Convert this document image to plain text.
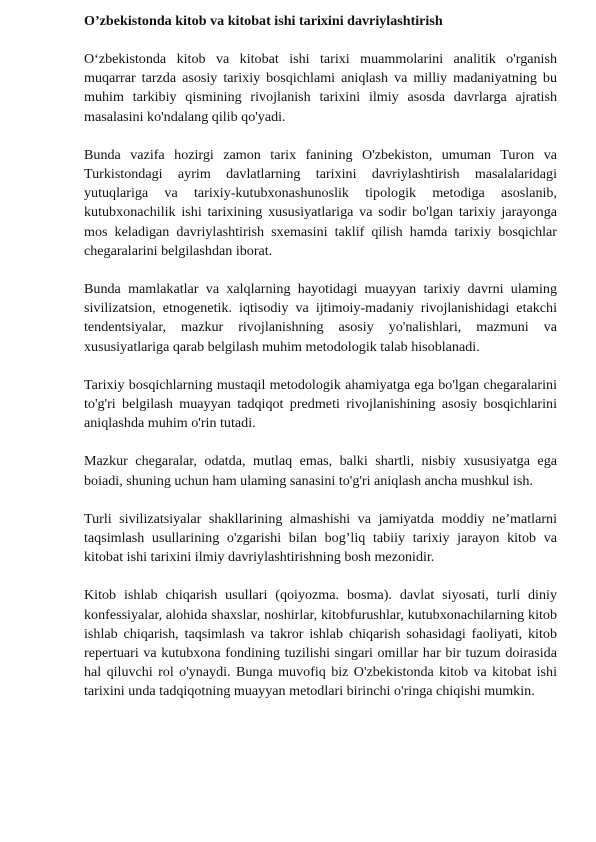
O’zbekistonda kitob va kitobat ishi tarixini davriylashtirish

O‘zbekistonda kitob va kitobat ishi tarixi muammolarini analitik o'rganish muqarrar tarzda asosiy tarixiy bosqichlami aniqlash va milliy madaniyatning bu muhim tarkibiy qismining rivojlanish tarixini ilmiy asosda davrlarga ajratish masalasini ko'ndalang qilib qo'yadi.

Bunda vazifa hozirgi zamon tarix fanining O'zbekiston, umuman Turon va Turkistondagi ayrim davlatlarning tarixini davriylashtirish masalalaridagi yutuqlariga va tarixiy-kutubxonashunoslik tipologik metodiga asoslanib, kutubxonachilik ishi tarixining xususiyatlariga va sodir bo'lgan tarixiy jarayonga mos keladigan davriylashtirish sxemasini taklif qilish hamda tarixiy bosqichlar chegaralarini belgilashdan iborat.

Bunda mamlakatlar va xalqlarning hayotidagi muayyan tarixiy davrni ulaming sivilizatsion, etnogenetik. iqtisodiy va ijtimoiy-madaniy rivojlanishidagi etakchi tendentsiyalar, mazkur rivojlanishning asosiy yo'nalishlari, mazmuni va xususiyatlariga qarab belgilash muhim metodologik talab hisoblanadi.

Tarixiy bosqichlarning mustaqil metodologik ahamiyatga ega bo'lgan chegaralarini to'g'ri belgilash muayyan tadqiqot predmeti rivojlanishining asosiy bosqichlarini aniqlashda muhim o'rin tutadi.

Mazkur chegaralar, odatda, mutlaq emas, balki shartli, nisbiy xususiyatga ega boiadi, shuning uchun ham ulaming sanasini to'g'ri aniqlash ancha mushkul ish.

Turli sivilizatsiyalar shakllarining almashishi va jamiyatda moddiy ne’matlarni taqsimlash usullarining o'zgarishi bilan bog’liq tabiiy tarixiy jarayon kitob va kitobat ishi tarixini ilmiy davriylashtirishning bosh mezonidir.

Kitob ishlab chiqarish usullari (qoiyozma. bosma). davlat siyosati, turli diniy konfessiyalar, alohida shaxslar, noshirlar, kitobfurushlar, kutubxonachilarning kitob ishlab chiqarish, taqsimlash va takror ishlab chiqarish sohasidagi faoliyati, kitob repertuari va kutubxona fondining tuzilishi singari omillar har bir tuzum doirasida hal qiluvchi rol o'ynaydi. Bunga muvofiq biz O'zbekistonda kitob va kitobat ishi tarixini unda tadqiqotning muayyan metodlari birinchi o'ringa chiqishi mumkin.
